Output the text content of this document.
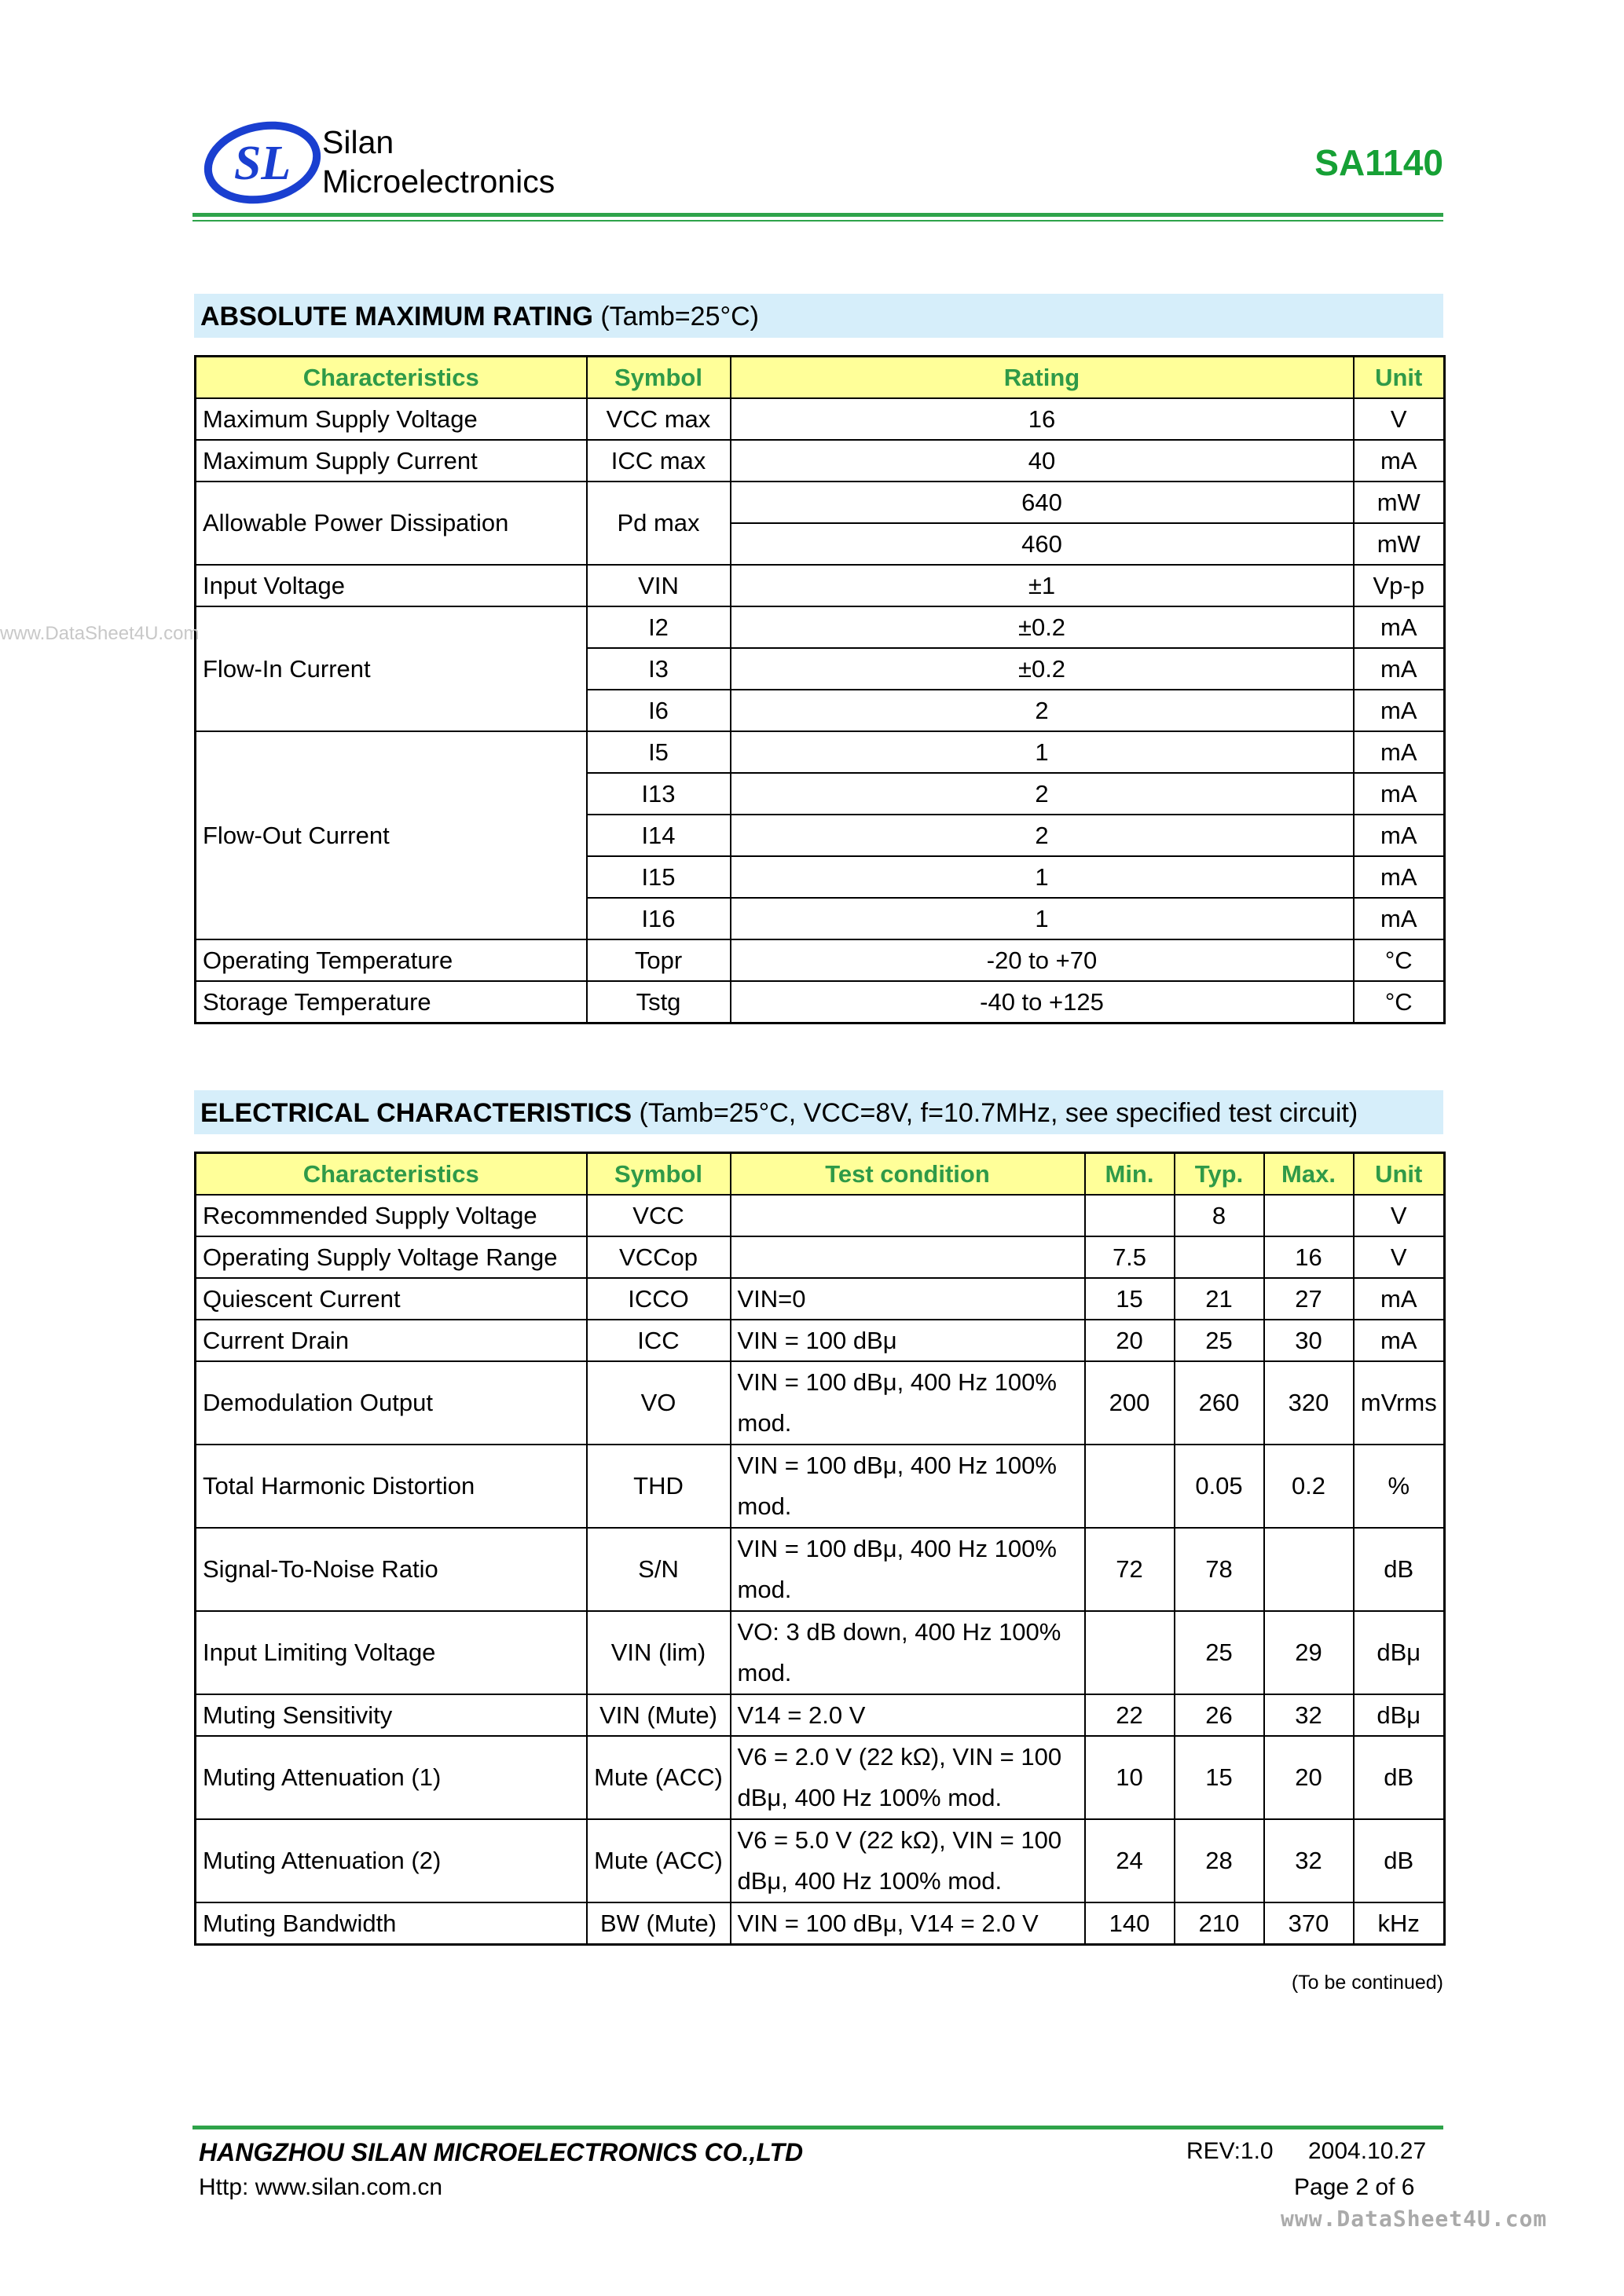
SL Silan
Microelectronics	SA1140
ABSOLUTE MAXIMUM RATING (Tamb=25°C)
Characteristics	Symbol	Rating	Unit
Maximum Supply Voltage	VCC max	16	V
Maximum Supply Current	ICC max	40	mA
Allowable Power Dissipation	Pd max	640	mW
		460	mW
Input Voltage	VIN	±1	Vp-p
Flow-In Current	I2	±0.2	mA
	I3	±0.2	mA
	I6	2	mA
Flow-Out Current	I5	1	mA
	I13	2	mA
	I14	2	mA
	I15	1	mA
	I16	1	mA
Operating Temperature	Topr	-20 to +70	°C
Storage Temperature	Tstg	-40 to +125	°C
ELECTRICAL CHARACTERISTICS (Tamb=25°C, VCC=8V, f=10.7MHz, see specified test circuit)
Characteristics	Symbol	Test condition	Min.	Typ.	Max.	Unit
Recommended Supply Voltage	VCC			8		V
Operating Supply Voltage Range	VCCop		7.5		16	V
Quiescent Current	ICCO	VIN=0	15	21	27	mA
Current Drain	ICC	VIN = 100 dBμ	20	25	30	mA
Demodulation Output	VO	VIN = 100 dBμ, 400 Hz 100% mod.	200	260	320	mVrms
Total Harmonic Distortion	THD	VIN = 100 dBμ, 400 Hz 100% mod.		0.05	0.2	%
Signal-To-Noise Ratio	S/N	VIN = 100 dBμ, 400 Hz 100% mod.	72	78		dB
Input Limiting Voltage	VIN (lim)	VO: 3 dB down, 400 Hz 100% mod.		25	29	dBμ
Muting Sensitivity	VIN (Mute)	V14 = 2.0 V	22	26	32	dBμ
Muting Attenuation (1)	Mute (ACC)	V6 = 2.0 V (22 kΩ), VIN = 100 dBμ, 400 Hz 100% mod.	10	15	20	dB
Muting Attenuation (2)	Mute (ACC)	V6 = 5.0 V (22 kΩ), VIN = 100 dBμ, 400 Hz 100% mod.	24	28	32	dB
Muting Bandwidth	BW (Mute)	VIN = 100 dBμ, V14 = 2.0 V	140	210	370	kHz
(To be continued)
HANGZHOU SILAN MICROELECTRONICS CO.,LTD
Http: www.silan.com.cn
REV:1.0 2004.10.27
Page 2 of 6
www.DataSheet4U.com
www.DataSheet4U.com
